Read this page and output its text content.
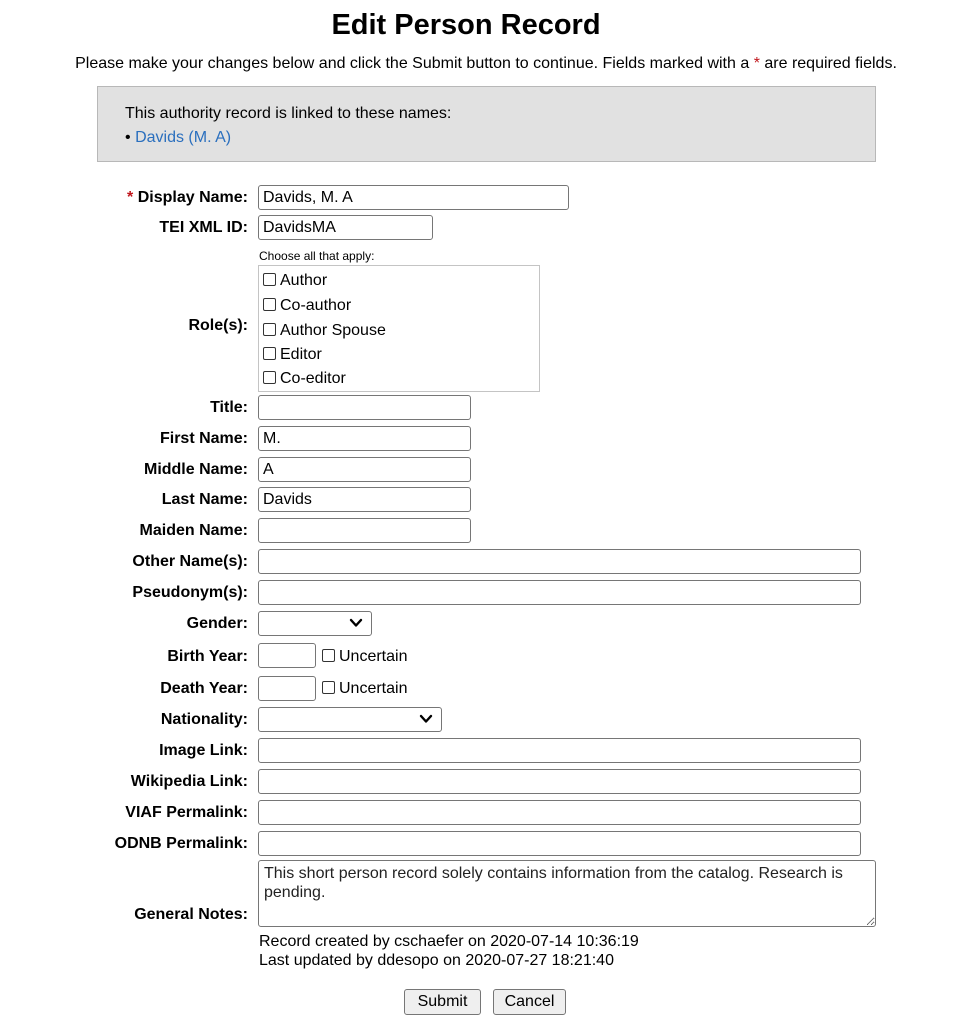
Edit Person Record
Please make your changes below and click the Submit button to continue. Fields marked with a * are required fields.
This authority record is linked to these names:
• Davids (M. A)
* Display Name:
Davids, M. A
TEI XML ID:
DavidsMA
Choose all that apply:
Role(s):
Author
Co-author
Author Spouse
Editor
Co-editor
Title:
First Name:
M.
Middle Name:
A
Last Name:
Davids
Maiden Name:
Other Name(s):
Pseudonym(s):
Gender:
Birth Year:	Uncertain
Death Year:	Uncertain
Nationality:
Image Link:
Wikipedia Link:
VIAF Permalink:
ODNB Permalink:
General Notes:
This short person record solely contains information from the catalog. Research is pending.
Record created by cschaefer on 2020-07-14 10:36:19
Last updated by ddesopo on 2020-07-27 18:21:40
Submit	Cancel
